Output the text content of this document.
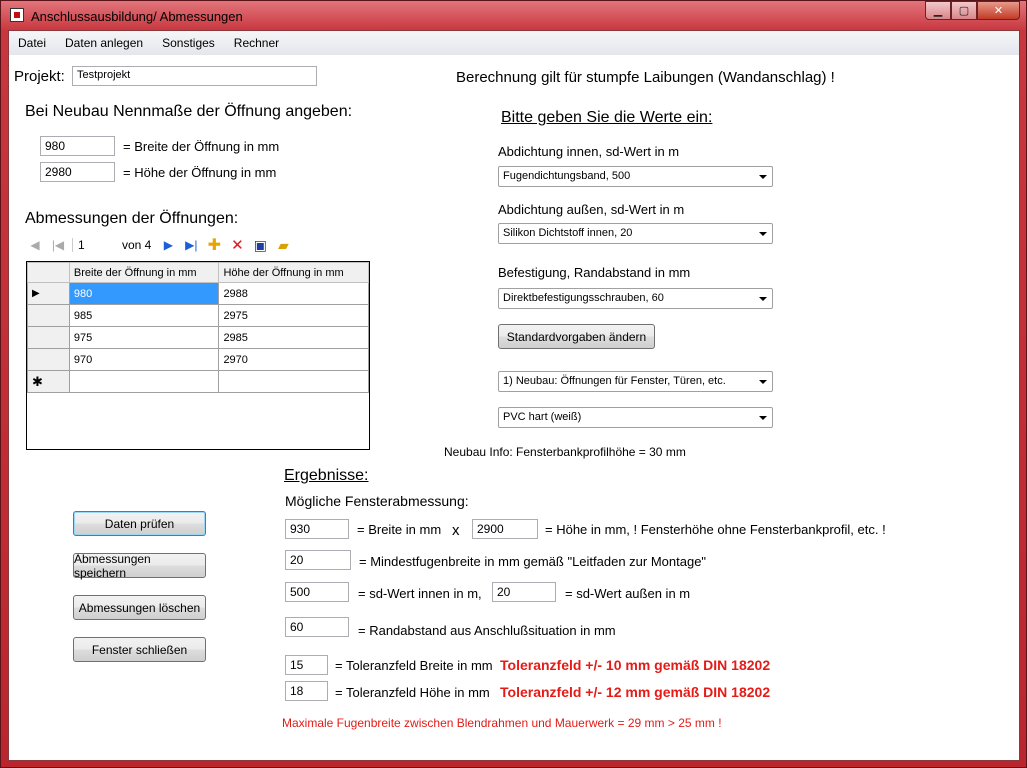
Anschlussausbildung/ Abmessungen	▁ ▢ ✕
Datei Daten anlegen Sonstiges Rechner
Projekt:	Testprojekt
Bei Neubau Nennmaße der Öffnung angeben:
980	= Breite der Öffnung in mm
2980	= Höhe der Öffnung in mm
Abmessungen der Öffnungen:
◀	|◀	1	von 4	▶	▶| ✚ ✕ ▣ ▰
	Breite der Öffnung in mm	Höhe der Öffnung in mm
▶	980	2988
	985	2975
	975	2985
	970	2970
✱		
Daten prüfen
Abmessungen speichern
Abmessungen löschen
Fenster schließen
Berechnung gilt für stumpfe Laibungen (Wandanschlag) !
Bitte geben Sie die Werte ein:
Abdichtung innen, sd-Wert in m
Fugendichtungsband, 500
Abdichtung außen, sd-Wert in m
Silikon Dichtstoff innen, 20
Befestigung, Randabstand in mm
Direktbefestigungsschrauben, 60
Standardvorgaben ändern
1) Neubau: Öffnungen für Fenster, Türen, etc.
PVC hart (weiß)
Neubau Info: Fensterbankprofilhöhe = 30 mm
Ergebnisse:
Mögliche Fensterabmessung:
930	= Breite in mm x	2900	= Höhe in mm, ! Fensterhöhe ohne Fensterbankprofil, etc. !
20	= Mindestfugenbreite in mm gemäß "Leitfaden zur Montage"
500	= sd-Wert innen in m,	20	= sd-Wert außen in m
60	= Randabstand aus Anschlußsituation in mm
15	= Toleranzfeld Breite in mm Toleranzfeld +/- 10 mm gemäß DIN 18202
18	= Toleranzfeld Höhe in mm Toleranzfeld +/- 12 mm gemäß DIN 18202
Maximale Fugenbreite zwischen Blendrahmen und Mauerwerk = 29 mm > 25 mm !
